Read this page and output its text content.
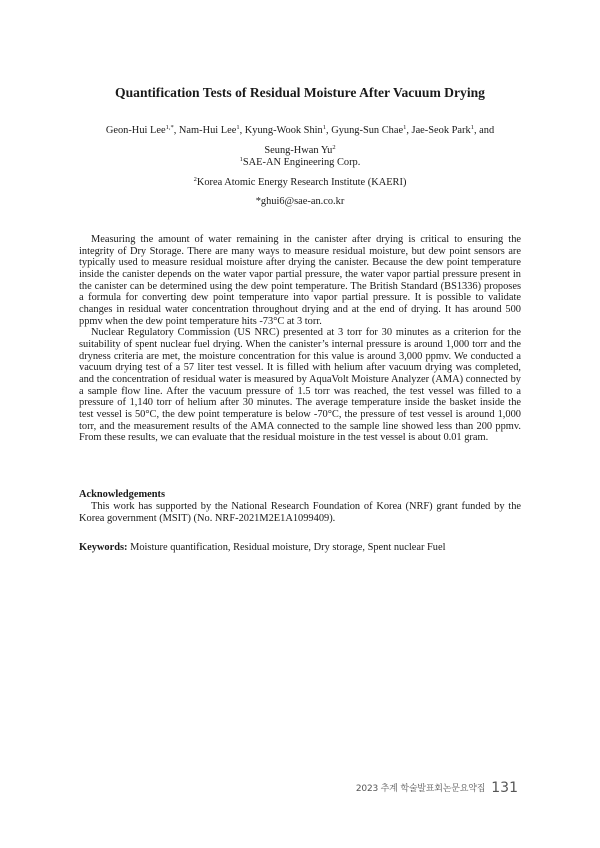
Quantification Tests of Residual Moisture After Vacuum Drying
Geon-Hui Lee$^{1,*}$, Nam-Hui Lee$^1$, Kyung-Wook Shin$^1$, Gyung-Sun Chae$^1$, Jae-Seok Park$^1$, and
Seung-Hwan Yu$^2$
$^1$SAE-AN Engineering Corp.
$^2$Korea Atomic Energy Research Institute (KAERI)
*ghui6@sae-an.co.kr

Measuring the amount of water remaining in the canister after drying is critical to ensuring the integrity of Dry Storage. There are many ways to measure residual moisture, but dew point sensors are typically used to measure residual moisture after drying the canister. Because the dew point temperature inside the canister depends on the water vapor partial pressure, the water vapor partial pressure present in the canister can be determined using the dew point temperature. The British Standard (BS1336) proposes a formula for converting dew point temperature into vapor partial pressure. It is possible to validate changes in residual water concentration throughout drying and at the end of drying. It has around 500 ppmv when the dew point temperature hits -73°C at 3 torr.

Nuclear Regulatory Commission (US NRC) presented at 3 torr for 30 minutes as a criterion for the suitability of spent nuclear fuel drying. When the canister’s internal pressure is around 1,000 torr and the dryness criteria are met, the moisture concentration for this value is around 3,000 ppmv. We conducted a vacuum drying test of a 57 liter test vessel. It is filled with helium after vacuum drying was completed, and the concentration of residual water is measured by AquaVolt Moisture Analyzer (AMA) connected by a sample flow line. After the vacuum pressure of 1.5 torr was reached, the test vessel was filled to a pressure of 1,140 torr of helium after 30 minutes. The average temperature inside the basket inside the test vessel is 50°C, the dew point temperature is below -70°C, the pressure of test vessel is around 1,000 torr, and the measurement results of the AMA connected to the sample line showed less than 200 ppmv. From these results, we can evaluate that the residual moisture in the test vessel is about 0.01 gram.

Acknowledgements
This work has supported by the National Research Foundation of Korea (NRF) grant funded by the Korea government (MSIT) (No. NRF-2021M2E1A1099409).
Keywords: Moisture quantification, Residual moisture, Dry storage, Spent nuclear Fuel
2023 추계 학술발표회논문요약집 131
